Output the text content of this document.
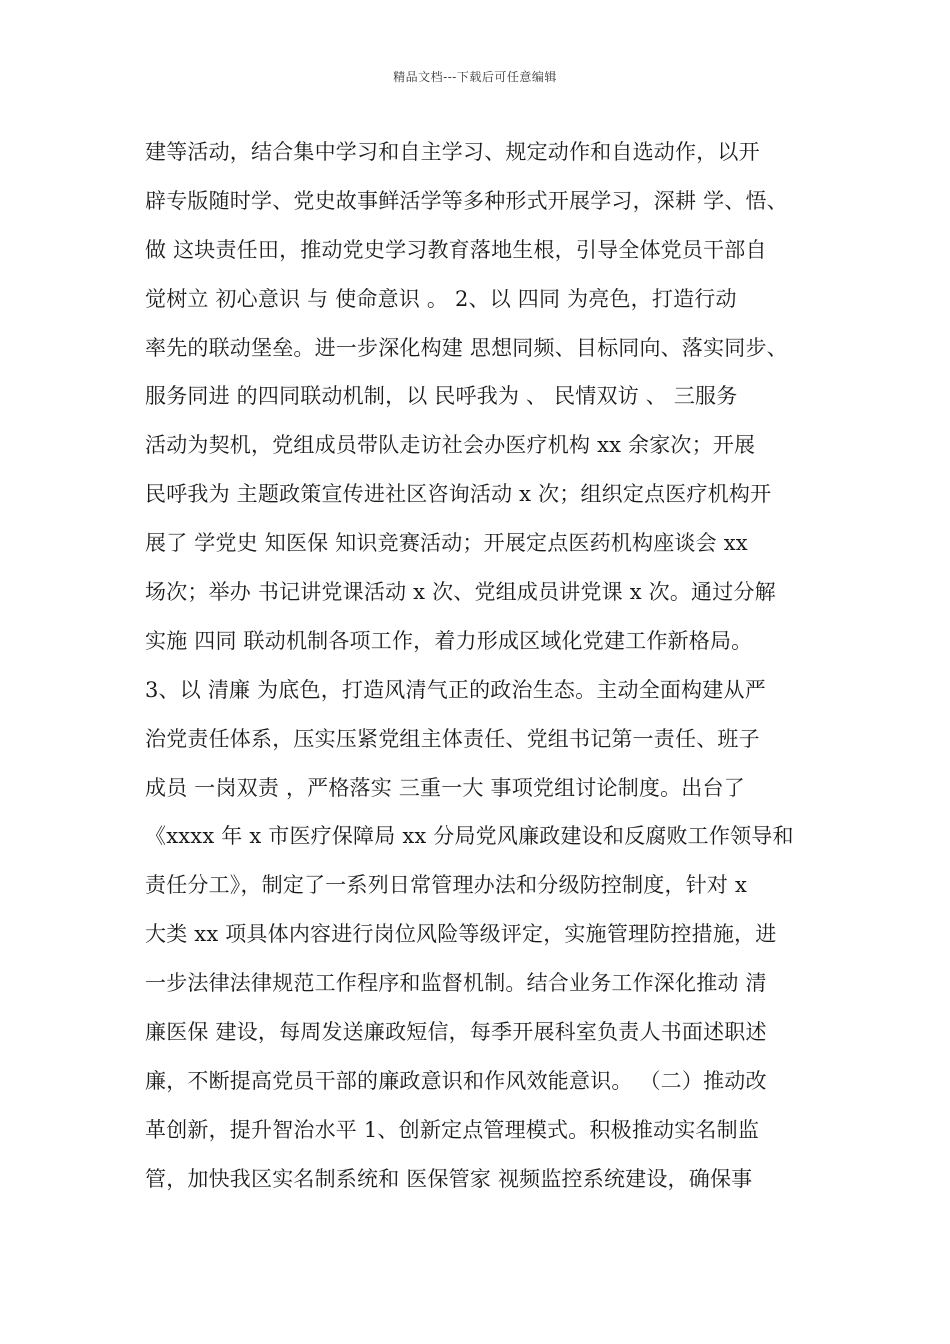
精品文档---下载后可任意编辑
建等活动，结合集中学习和自主学习、规定动作和自选动作，以开
辟专版随时学、党史故事鲜活学等多种形式开展学习，深耕 学、悟、
做 这块责任田，推动党史学习教育落地生根，引导全体党员干部自
觉树立 初心意识 与 使命意识 。 2、以 四同 为亮色，打造行动
率先的联动堡垒。进一步深化构建 思想同频、目标同向、落实同步、
服务同进 的四同联动机制，以 民呼我为 、 民情双访 、 三服务
活动为契机，党组成员带队走访社会办医疗机构 xx 余家次；开展
民呼我为 主题政策宣传进社区咨询活动 x 次；组织定点医疗机构开
展了 学党史 知医保 知识竞赛活动；开展定点医药机构座谈会 xx
场次；举办 书记讲党课活动 x 次、党组成员讲党课 x 次。通过分解
实施 四同 联动机制各项工作，着力形成区域化党建工作新格局。
3、以 清廉 为底色，打造风清气正的政治生态。主动全面构建从严
治党责任体系，压实压紧党组主体责任、党组书记第一责任、班子
成员 一岗双责 ，严格落实 三重一大 事项党组讨论制度。出台了
《xxxx 年 x 市医疗保障局 xx 分局党风廉政建设和反腐败工作领导和
责任分工》，制定了一系列日常管理办法和分级防控制度，针对 x
大类 xx 项具体内容进行岗位风险等级评定，实施管理防控措施，进
一步法律法律规范工作程序和监督机制。结合业务工作深化推动 清
廉医保 建设，每周发送廉政短信，每季开展科室负责人书面述职述
廉，不断提高党员干部的廉政意识和作风效能意识。 （二）推动改
革创新，提升智治水平 1、创新定点管理模式。积极推动实名制监
管，加快我区实名制系统和 医保管家 视频监控系统建设，确保事
